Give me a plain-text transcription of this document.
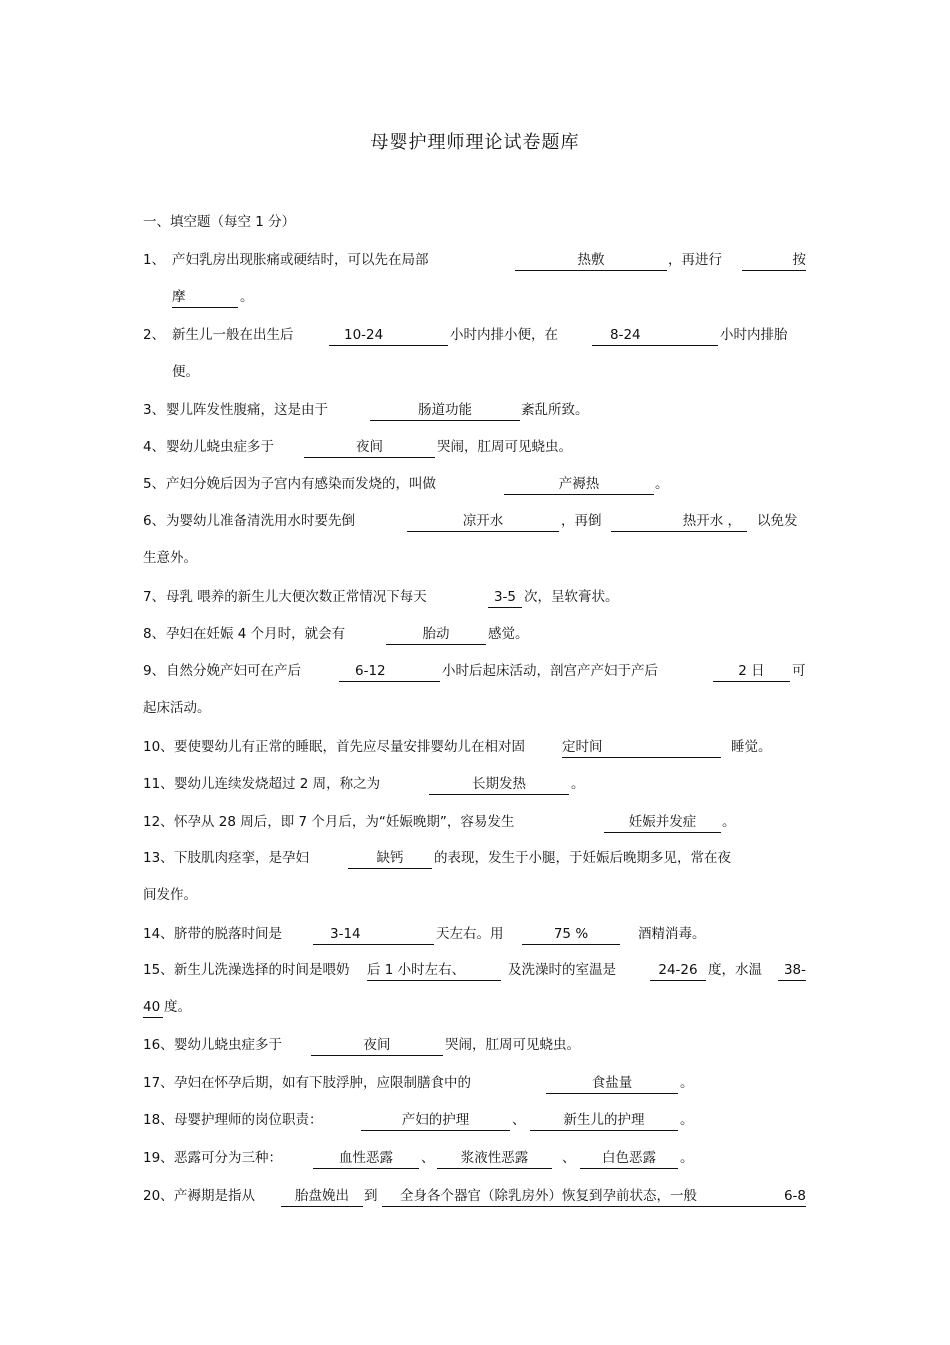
母婴护理师理论试卷题库
一、填空题（每空 1 分）
1、 产妇乳房出现胀痛或硬结时，可以先在局部	热敷	，再进行	按
摩	。
2、 新生儿一般在出生后	10-24	小时内排小便，在	8-24	小时内排胎
便。
3、 婴儿阵发性腹痛，这是由于	肠道功能	紊乱所致。
4、 婴幼儿蛲虫症多于	夜间	哭闹，肛周可见蛲虫。
5、 产妇分娩后因为子宫内有感染而发烧的，叫做	产褥热	。
6、 为婴幼儿准备清洗用水时要先倒	凉开水	，再倒	热开水 ，	以免发
生意外。
7、 母乳 喂养的新生儿大便次数正常情况下每天	3-5 次，呈软膏状。
8、 孕妇在妊娠 4 个月时，就会有	胎动	感觉。
9、 自然分娩产妇可在产后	6-12	小时后起床活动，剖宫产产妇于产后	2 日	可
起床活动。
10、 要使婴幼儿有正常的睡眠，首先应尽量安排婴幼儿在相对固	定时间	睡觉。
11、 婴幼儿连续发烧超过 2 周，称之为	长期发热	。
12、 怀孕从 28 周后，即 7 个月后，为“妊娠晚期”，容易发生	妊娠并发症	。
13、 下肢肌肉痉挛，是孕妇	缺钙	的表现，发生于小腿，于妊娠后晚期多见，常在夜
间发作。
14、 脐带的脱落时间是	3-14	天左右。用	75 %	酒精消毒。
15、 新生儿洗澡选择的时间是喂奶 后 1 小时左右、	及洗澡时的室温是	24-26 度，水温	38-
40 度。
16、 婴幼儿蛲虫症多于	夜间	哭闹，肛周可见蛲虫。
17、 孕妇在怀孕后期，如有下肢浮肿，应限制膳食中的	食盐量	。
18、 母婴护理师的岗位职责：	产妇的护理	、	新生儿的护理	。
19、 恶露可分为三种：	血性恶露	、	浆液性恶露	、	白色恶露	。
20、 产褥期是指从	胎盘娩出	到	全身各个器官（除乳房外）恢复到孕前状态，一般	6-8
